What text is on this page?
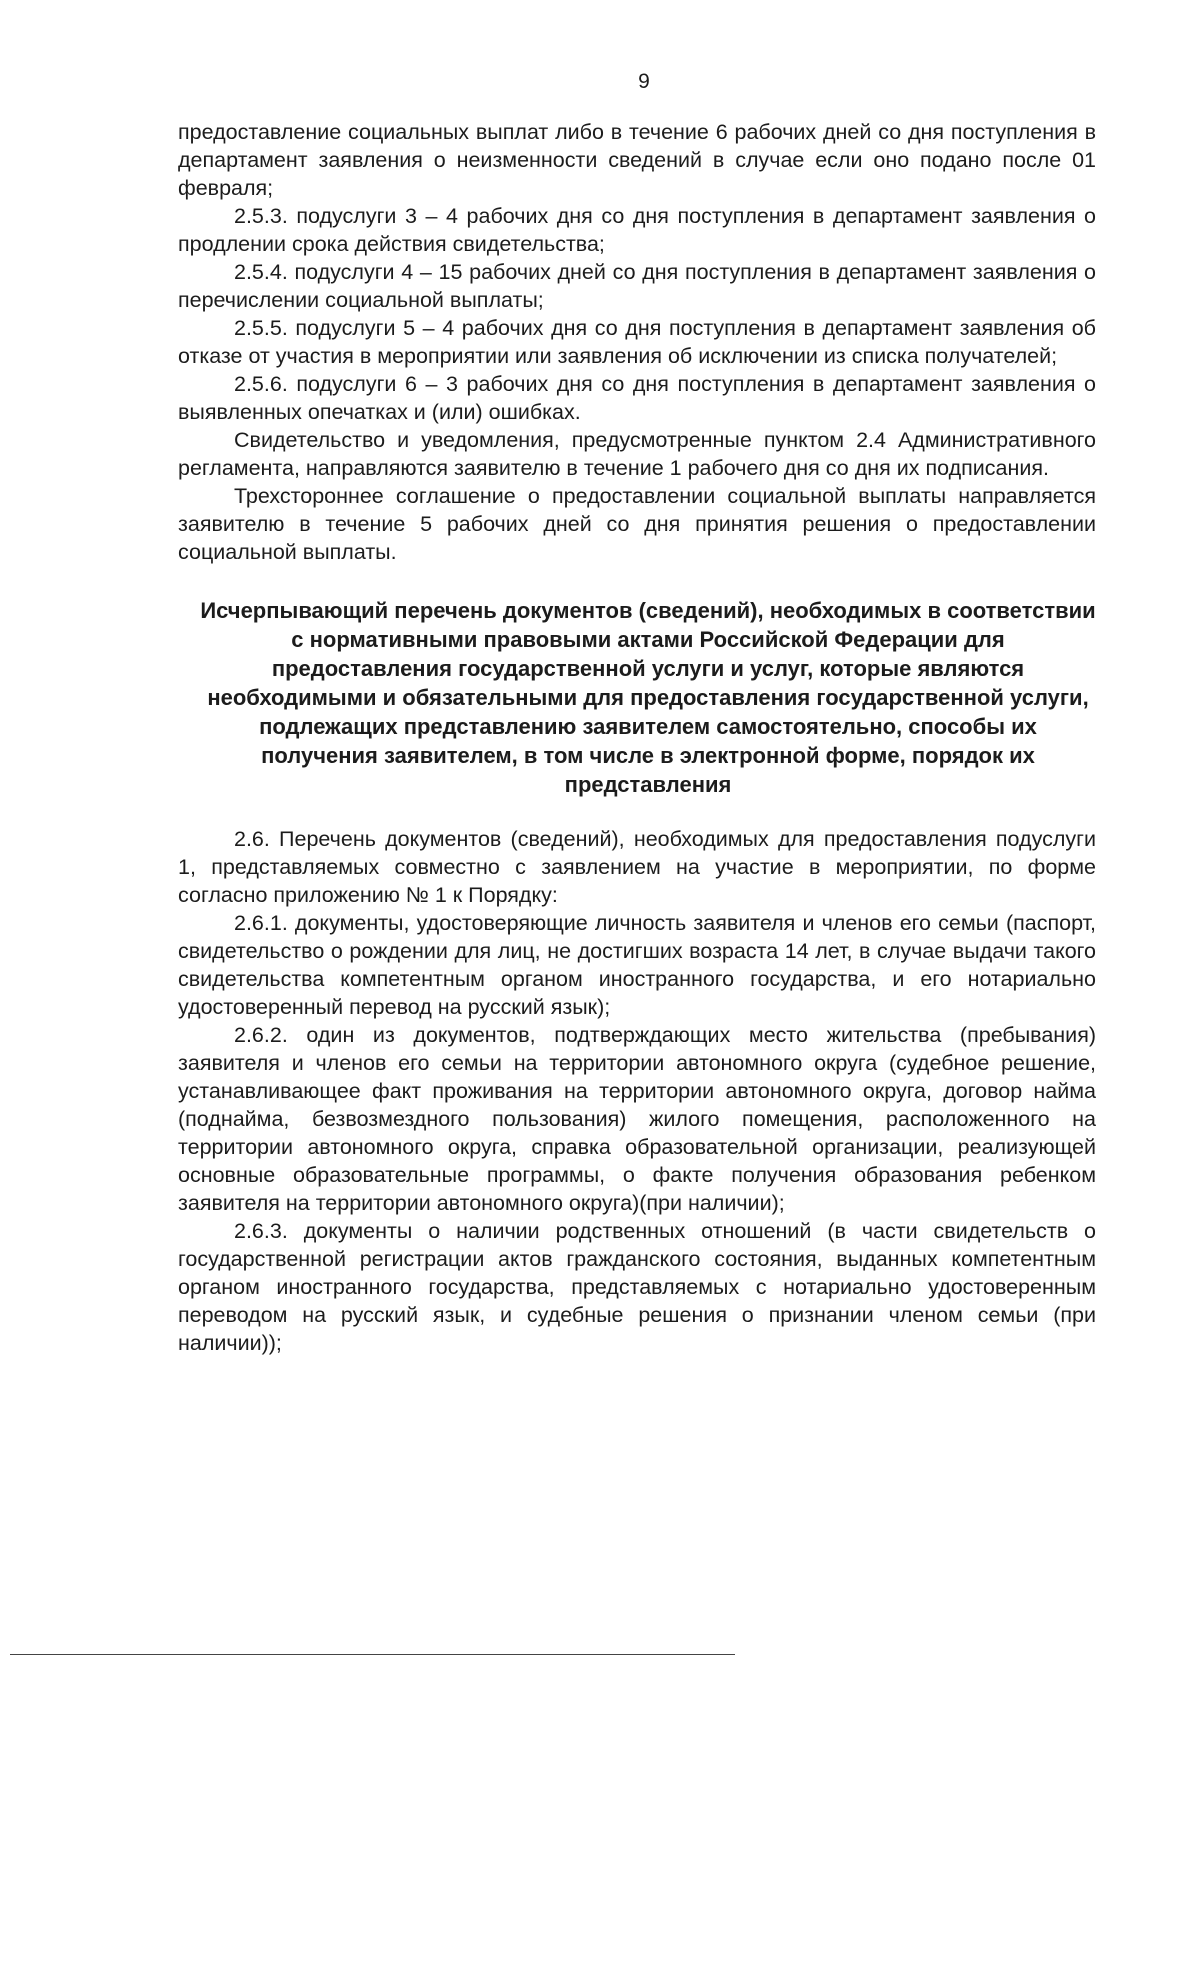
9

предоставление социальных выплат либо в течение 6 рабочих дней со дня поступления в департамент заявления о неизменности сведений в случае если оно подано после 01 февраля;

2.5.3. подуслуги 3 – 4 рабочих дня со дня поступления в департамент заявления о продлении срока действия свидетельства;

2.5.4. подуслуги 4 – 15 рабочих дней со дня поступления в департамент заявления о перечислении социальной выплаты;

2.5.5. подуслуги 5 – 4 рабочих дня со дня поступления в департамент заявления об отказе от участия в мероприятии или заявления об исключении из списка получателей;

2.5.6. подуслуги 6 – 3 рабочих дня со дня поступления в департамент заявления о выявленных опечатках и (или) ошибках.

Свидетельство и уведомления, предусмотренные пунктом 2.4 Административного регламента, направляются заявителю в течение 1 рабочего дня со дня их подписания.

Трехстороннее соглашение о предоставлении социальной выплаты направляется заявителю в течение 5 рабочих дней со дня принятия решения о предоставлении социальной выплаты.

Исчерпывающий перечень документов (сведений), необходимых в соответствии с нормативными правовыми актами Российской Федерации для предоставления государственной услуги и услуг, которые являются необходимыми и обязательными для предоставления государственной услуги, подлежащих представлению заявителем самостоятельно, способы их получения заявителем, в том числе в электронной форме, порядок их представления

2.6. Перечень документов (сведений), необходимых для предоставления подуслуги 1, представляемых совместно с заявлением на участие в мероприятии, по форме согласно приложению № 1 к Порядку:

2.6.1. документы, удостоверяющие личность заявителя и членов его семьи (паспорт, свидетельство о рождении для лиц, не достигших возраста 14 лет, в случае выдачи такого свидетельства компетентным органом иностранного государства, и его нотариально удостоверенный перевод на русский язык);

2.6.2. один из документов, подтверждающих место жительства (пребывания) заявителя и членов его семьи на территории автономного округа (судебное решение, устанавливающее факт проживания на территории автономного округа, договор найма (поднайма, безвозмездного пользования) жилого помещения, расположенного на территории автономного округа, справка образовательной организации, реализующей основные образовательные программы, о факте получения образования ребенком заявителя на территории автономного округа)(при наличии);

2.6.3. документы о наличии родственных отношений (в части свидетельств о государственной регистрации актов гражданского состояния, выданных компетентным органом иностранного государства, представляемых с нотариально удостоверенным переводом на русский язык, и судебные решения о признании членом семьи (при наличии));
